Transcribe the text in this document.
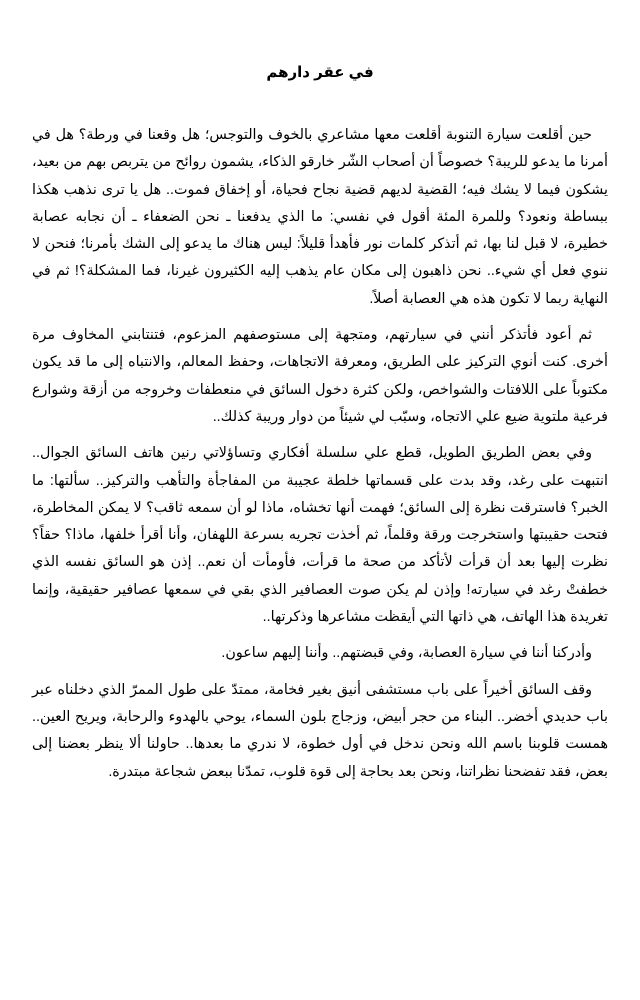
في عقر دارهم

حين أقلعت سيارة التنوبة أقلعت معها مشاعري بالخوف والتوجس؛ هل وقعنا في ورطة؟ هل في أمرنا ما يدعو للريبة؟ خصوصاً أن أصحاب الشّر خارقو الذكاء، يشمون روائح من يتربص بهم من بعيد، يشكون فيما لا يشك فيه؛ القضية لديهم قضية نجاح فحياة، أو إخفاق فموت.. هل يا ترى نذهب هكذا ببساطة ونعود؟ وللمرة المئة أقول في نفسي: ما الذي يدفعنا ـ نحن الضعفاء ـ أن نجابه عصابة خطيرة، لا قبل لنا بها، ثم أتذكر كلمات نور فأهدأ قليلاً: ليس هناك ما يدعو إلى الشك بأمرنا؛ فنحن لا ننوي فعل أي شيء.. نحن ذاهبون إلى مكان عام يذهب إليه الكثيرون غيرنا، فما المشكلة؟! ثم في النهاية ربما لا تكون هذه هي العصابة أصلاً.

ثم أعود فأتذكر أنني في سيارتهم، ومتجهة إلى مستوصفهم المزعوم، فتنتابني المخاوف مرة أخرى. كنت أنوي التركيز على الطريق، ومعرفة الاتجاهات، وحفظ المعالم، والانتباه إلى ما قد يكون مكتوباً على اللافتات والشواخص، ولكن كثرة دخول السائق في منعطفات وخروجه من أزقة وشوارع فرعية ملتوية ضيع علي الاتجاه، وسبّب لي شيئاً من دوار وريبة كذلك..

وفي بعض الطريق الطويل، قطع علي سلسلة أفكاري وتساؤلاتي رنين هاتف السائق الجوال.. انتبهت على رغد، وقد بدت على قسماتها خلطة عجيبة من المفاجأة والتأهب والتركيز.. سألتها: ما الخبر؟ فاسترقت نظرة إلى السائق؛ فهمت أنها تخشاه، ماذا لو أن سمعه ثاقب؟ لا يمكن المخاطرة، فتحت حقيبتها واستخرجت ورقة وقلماً، ثم أخذت تجريه بسرعة اللهفان، وأنا أقرأ خلفها، ماذا؟ حقاً؟ نظرت إليها بعد أن قرأت لأتأكد من صحة ما قرأت، فأومأت أن نعم.. إذن هو السائق نفسه الذي خطفتْ رغد في سيارته! وإذن لم يكن صوت العصافير الذي بقي في سمعها عصافير حقيقية، وإنما تغريدة هذا الهاتف، هي ذاتها التي أيقظت مشاعرها وذكرتها..

وأدركنا أننا في سيارة العصابة، وفي قبضتهم.. وأننا إليهم ساعون.

وقف السائق أخيراً على باب مستشفى أنيق بغير فخامة، ممتدّ على طول الممرّ الذي دخلناه عبر باب حديدي أخضر.. البناء من حجر أبيض، وزجاج بلون السماء، يوحي بالهدوء والرحابة، ويريح العين.. همست قلوبنا باسم الله ونحن ندخل في أول خطوة، لا ندري ما بعدها.. حاولنا ألا ينظر بعضنا إلى بعض، فقد تفضحنا نظراتنا، ونحن بعد بحاجة إلى قوة قلوب، تمدّنا ببعض شجاعة مبتدرة.
